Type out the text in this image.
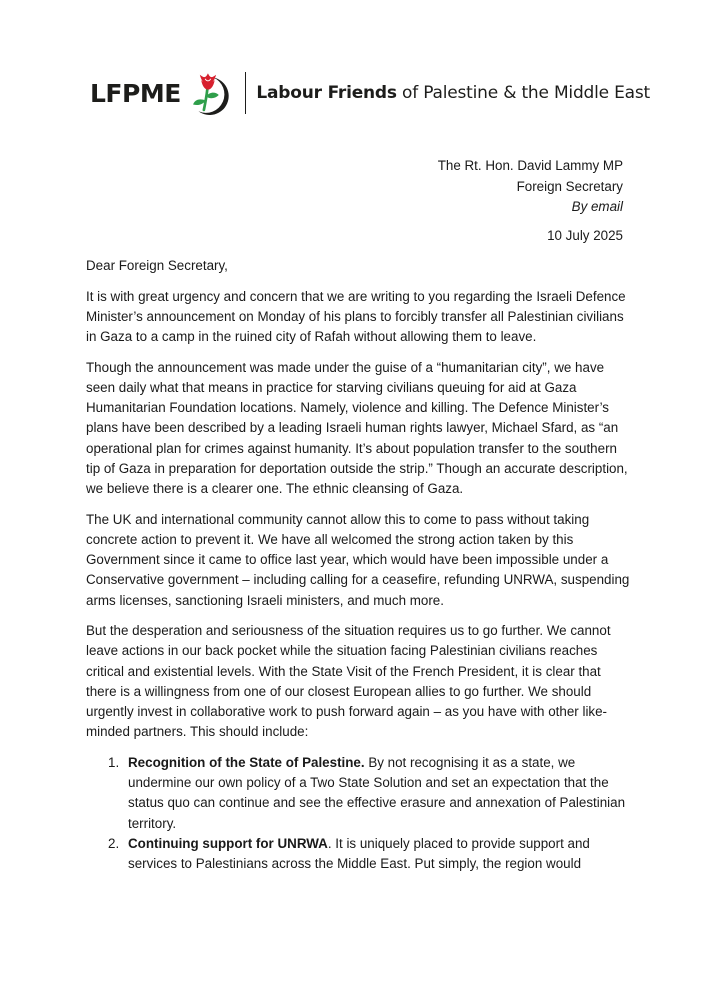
LFPME	Labour Friends of Palestine & the Middle East
The Rt. Hon. David Lammy MP
Foreign Secretary
By email
10 July 2025

Dear Foreign Secretary,

It is with great urgency and concern that we are writing to you regarding the Israeli Defence Minister’s announcement on Monday of his plans to forcibly transfer all Palestinian civilians in Gaza to a camp in the ruined city of Rafah without allowing them to leave.

Though the announcement was made under the guise of a “humanitarian city”, we have seen daily what that means in practice for starving civilians queuing for aid at Gaza Humanitarian Foundation locations. Namely, violence and killing. The Defence Minister’s plans have been described by a leading Israeli human rights lawyer, Michael Sfard, as “an operational plan for crimes against humanity. It’s about population transfer to the southern tip of Gaza in preparation for deportation outside the strip.” Though an accurate description, we believe there is a clearer one. The ethnic cleansing of Gaza.

The UK and international community cannot allow this to come to pass without taking concrete action to prevent it. We have all welcomed the strong action taken by this Government since it came to office last year, which would have been impossible under a Conservative government – including calling for a ceasefire, refunding UNRWA, suspending arms licenses, sanctioning Israeli ministers, and much more.

But the desperation and seriousness of the situation requires us to go further. We cannot leave actions in our back pocket while the situation facing Palestinian civilians reaches critical and existential levels. With the State Visit of the French President, it is clear that there is a willingness from one of our closest European allies to go further. We should urgently invest in collaborative work to push forward again – as you have with other like-minded partners. This should include:

1. Recognition of the State of Palestine. By not recognising it as a state, we undermine our own policy of a Two State Solution and set an expectation that the status quo can continue and see the effective erasure and annexation of Palestinian territory.
2. Continuing support for UNRWA. It is uniquely placed to provide support and services to Palestinians across the Middle East. Put simply, the region would
